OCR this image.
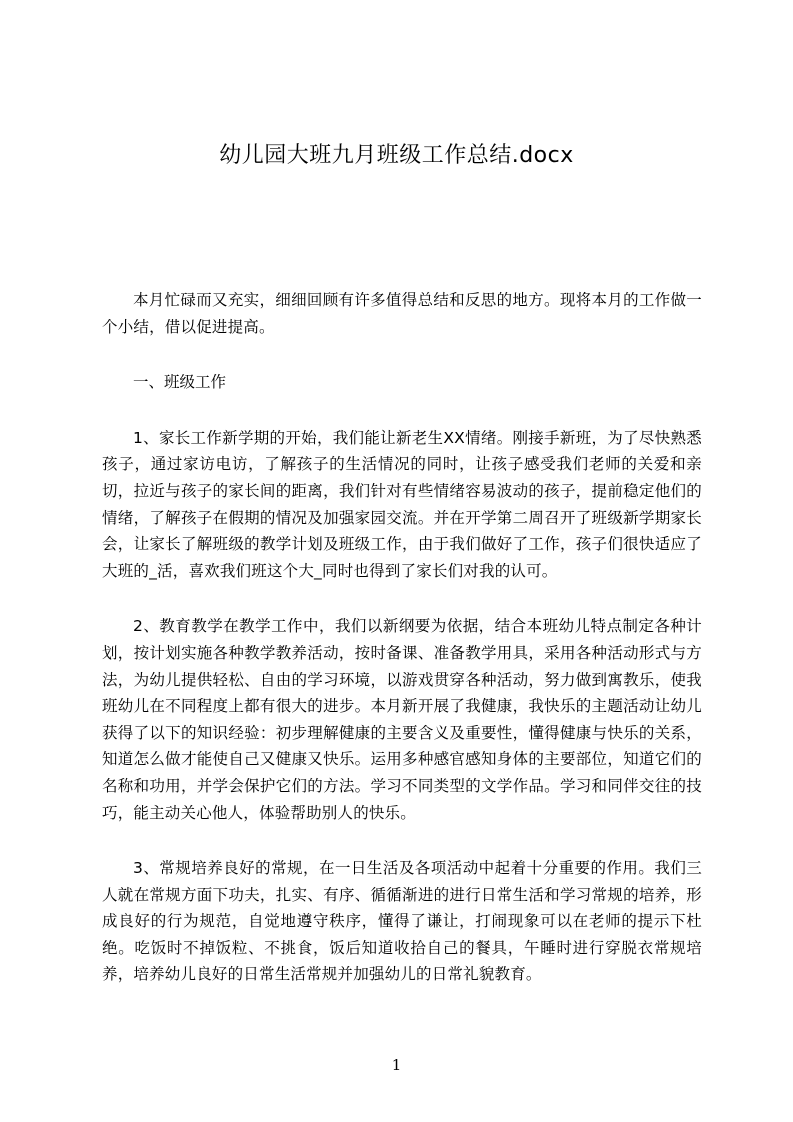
幼儿园大班九月班级工作总结.docx

本月忙碌而又充实，细细回顾有许多值得总结和反思的地方。现将本月的工作做一个小结，借以促进提高。

一、班级工作

1、家长工作新学期的开始，我们能让新老生XX情绪。刚接手新班，为了尽快熟悉孩子，通过家访电访，了解孩子的生活情况的同时，让孩子感受我们老师的关爱和亲切，拉近与孩子的家长间的距离，我们针对有些情绪容易波动的孩子，提前稳定他们的情绪，了解孩子在假期的情况及加强家园交流。并在开学第二周召开了班级新学期家长会，让家长了解班级的教学计划及班级工作，由于我们做好了工作，孩子们很快适应了大班的_活，喜欢我们班这个大_同时也得到了家长们对我的认可。

2、教育教学在教学工作中，我们以新纲要为依据，结合本班幼儿特点制定各种计划，按计划实施各种教学教养活动，按时备课、准备教学用具，采用各种活动形式与方法，为幼儿提供轻松、自由的学习环境，以游戏贯穿各种活动，努力做到寓教乐，使我班幼儿在不同程度上都有很大的进步。本月新开展了我健康，我快乐的主题活动让幼儿获得了以下的知识经验：初步理解健康的主要含义及重要性，懂得健康与快乐的关系，知道怎么做才能使自己又健康又快乐。运用多种感官感知身体的主要部位，知道它们的名称和功用，并学会保护它们的方法。学习不同类型的文学作品。学习和同伴交往的技巧，能主动关心他人，体验帮助别人的快乐。

3、常规培养良好的常规，在一日生活及各项活动中起着十分重要的作用。我们三人就在常规方面下功夫，扎实、有序、循循渐进的进行日常生活和学习常规的培养，形成良好的行为规范，自觉地遵守秩序，懂得了谦让，打闹现象可以在老师的提示下杜绝。吃饭时不掉饭粒、不挑食，饭后知道收拾自己的餐具，午睡时进行穿脱衣常规培养，培养幼儿良好的日常生活常规并加强幼儿的日常礼貌教育。

1
